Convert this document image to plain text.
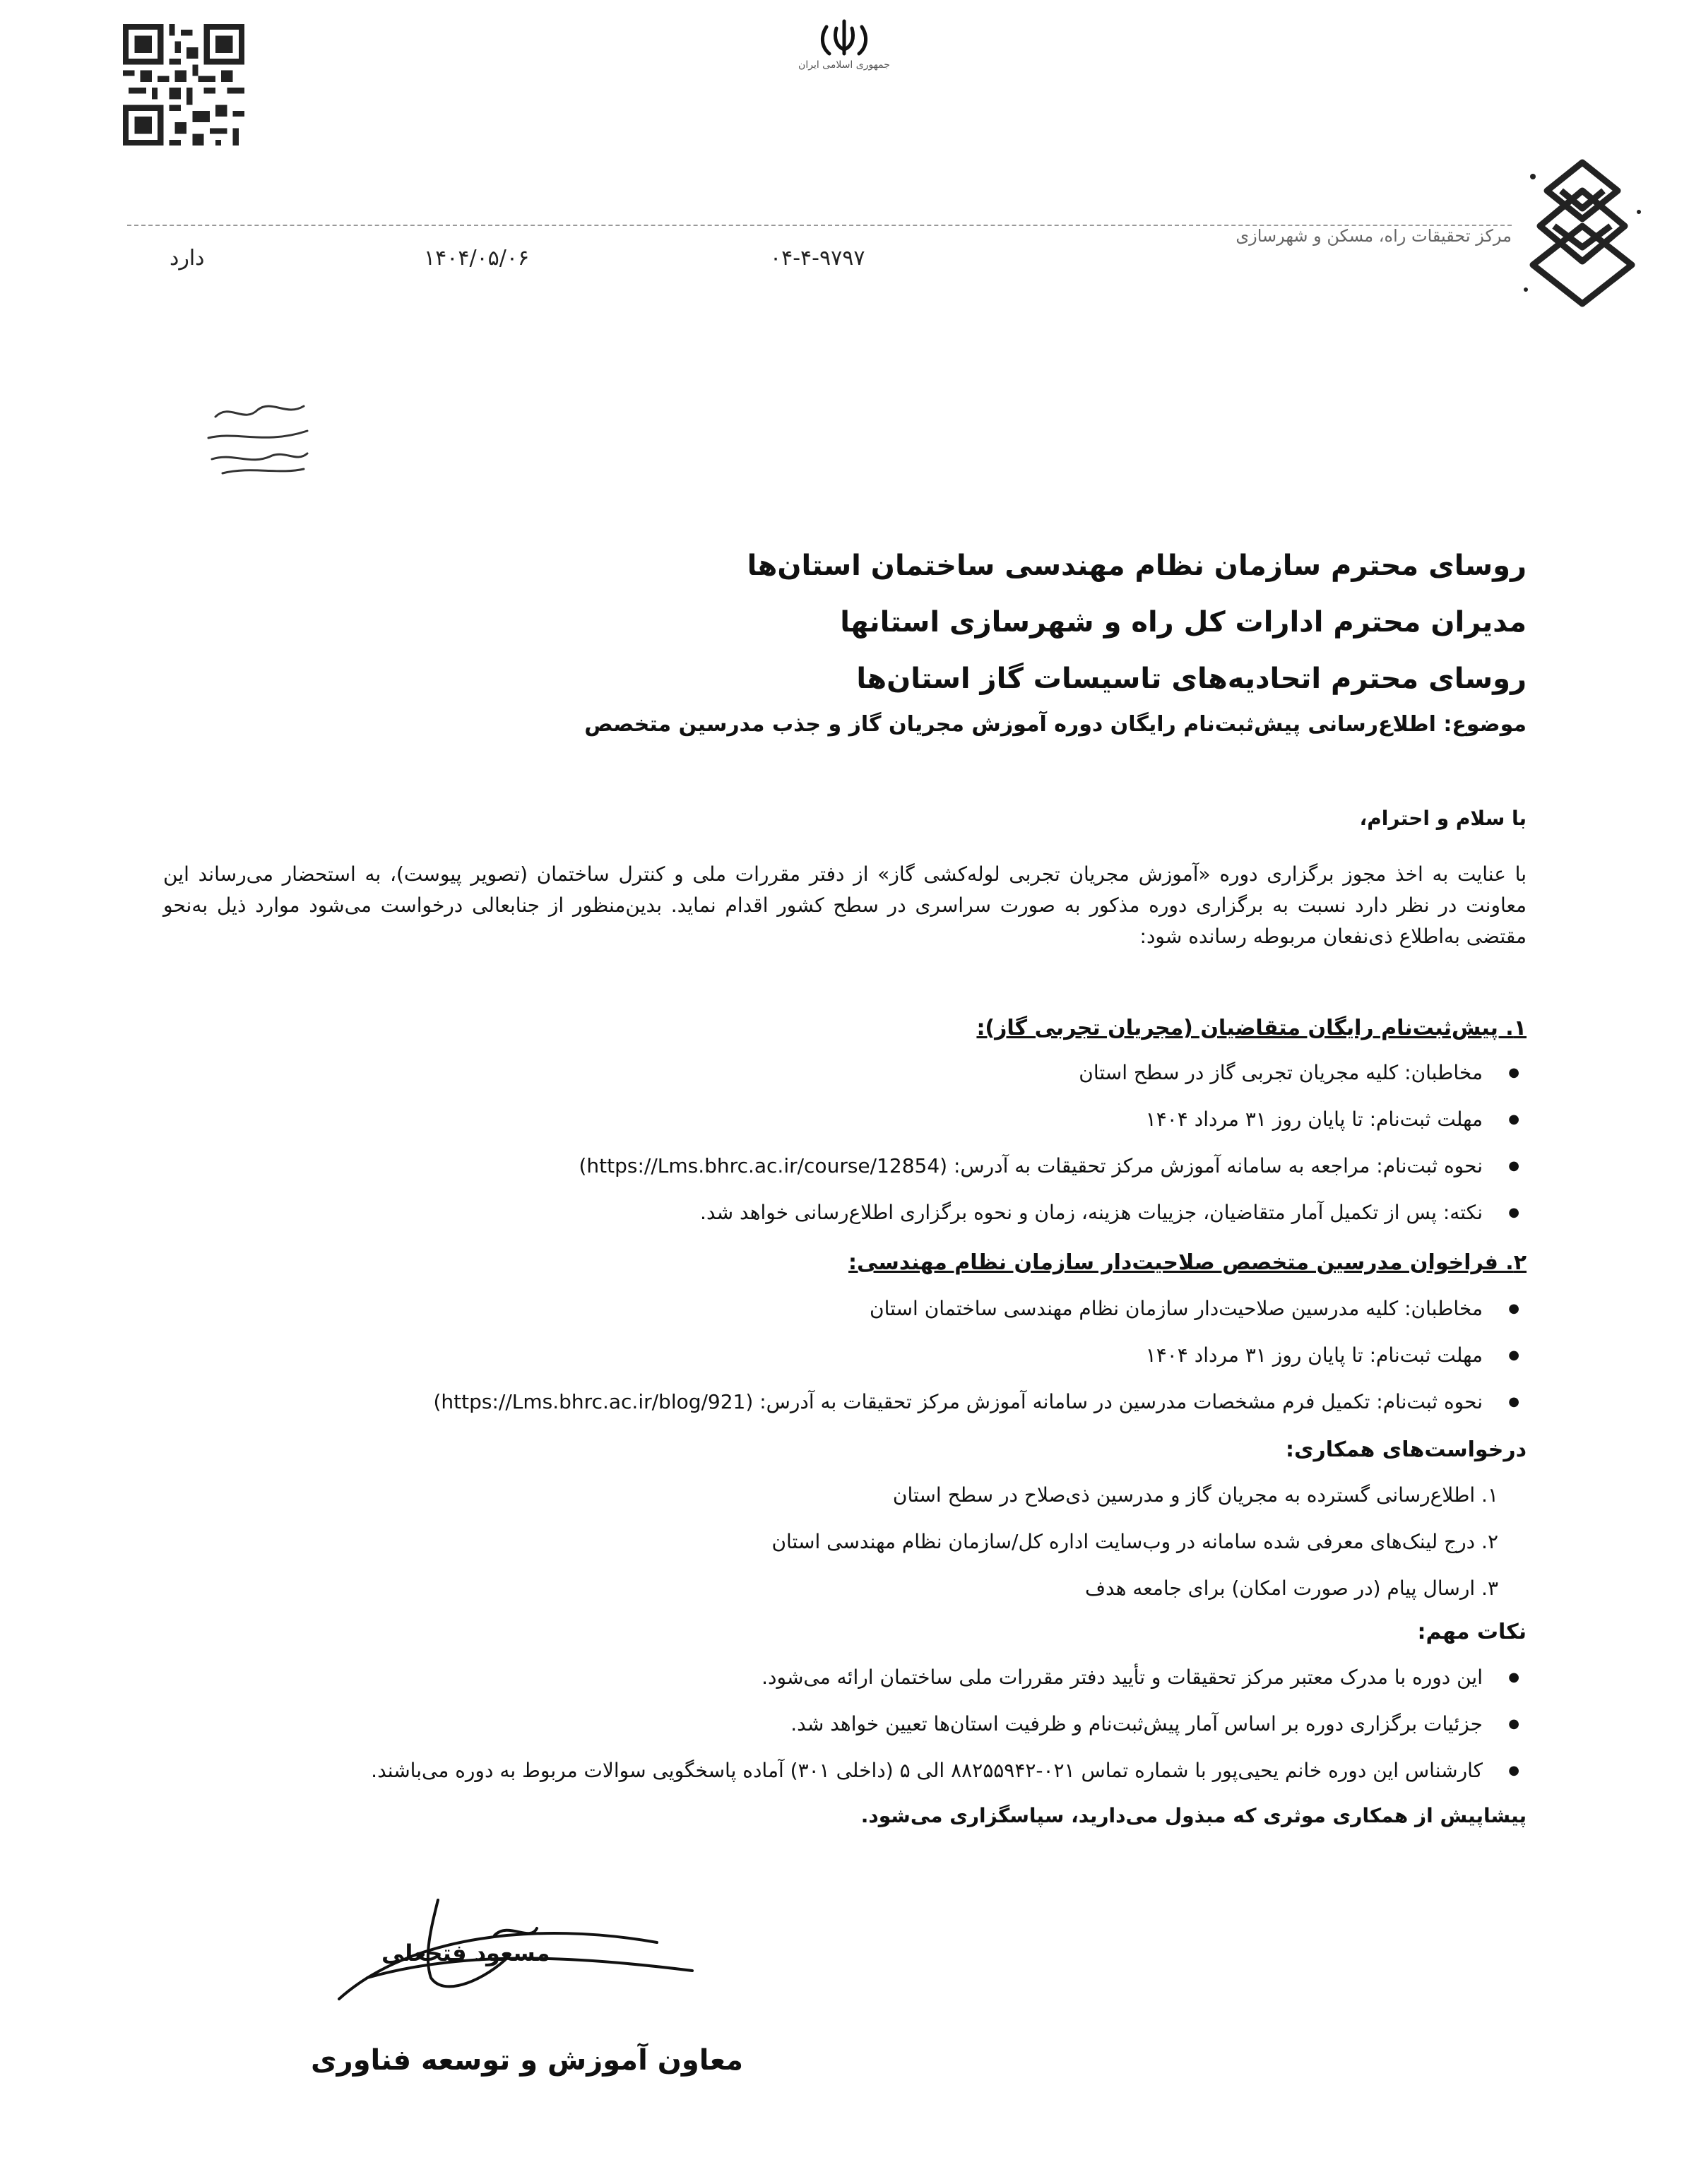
جمهوری اسلامی ایران
مرکز تحقیقات راه، مسکن و شهرسازی
۰۴-۴-۹۷۹۷
۱۴۰۴/۰۵/۰۶
دارد
روسای محترم سازمان نظام مهندسی ساختمان استان‌ها
مدیران محترم ادارات کل راه و شهرسازی استانها
روسای محترم اتحادیه‌های تاسیسات گاز استان‌ها
موضوع: اطلاع‌رسانی پیش‌ثبت‌نام رایگان دوره آموزش مجریان گاز و جذب مدرسین متخصص
با سلام و احترام،
با عنایت به اخذ مجوز برگزاری دوره «آموزش مجریان تجربی لوله‌کشی گاز» از دفتر مقررات ملی و کنترل ساختمان (تصویر پیوست)، به استحضار می‌رساند این معاونت در نظر دارد نسبت به برگزاری دوره مذکور به صورت سراسری در سطح کشور اقدام نماید. بدین‌منظور از جنابعالی درخواست می‌شود موارد ذیل به‌نحو مقتضی به‌اطلاع ذی‌نفعان مربوطه رسانده شود:
۱. پیش‌ثبت‌نام رایگان متقاضیان (مجریان تجربی گاز):
● مخاطبان: کلیه مجریان تجربی گاز در سطح استان
● مهلت ثبت‌نام: تا پایان روز ۳۱ مرداد ۱۴۰۴
● نحوه ثبت‌نام: مراجعه به سامانه آموزش مرکز تحقیقات به آدرس: (https://Lms.bhrc.ac.ir/course/12854)
● نکته: پس از تکمیل آمار متقاضیان، جزییات هزینه، زمان و نحوه برگزاری اطلاع‌رسانی خواهد شد.
۲. فراخوان مدرسین متخصص صلاحیت‌دار سازمان نظام مهندسی:
● مخاطبان: کلیه مدرسین صلاحیت‌دار سازمان نظام مهندسی ساختمان استان
● مهلت ثبت‌نام: تا پایان روز ۳۱ مرداد ۱۴۰۴
● نحوه ثبت‌نام: تکمیل فرم مشخصات مدرسین در سامانه آموزش مرکز تحقیقات به آدرس: (https://Lms.bhrc.ac.ir/blog/921)
درخواست‌های همکاری:
۱. اطلاع‌رسانی گسترده به مجریان گاز و مدرسین ذی‌صلاح در سطح استان
۲. درج لینک‌های معرفی شده سامانه در وب‌سایت اداره کل/سازمان نظام مهندسی استان
۳. ارسال پیام (در صورت امکان) برای جامعه هدف
نکات مهم:
● این دوره با مدرک معتبر مرکز تحقیقات و تأیید دفتر مقررات ملی ساختمان ارائه می‌شود.
● جزئیات برگزاری دوره بر اساس آمار پیش‌ثبت‌نام و ظرفیت استان‌ها تعیین خواهد شد.
● کارشناس این دوره خانم یحیی‌پور با شماره تماس ۰۲۱-۸۸۲۵۵۹۴۲ الی ۵ (داخلی ۳۰۱) آماده پاسخگویی سوالات مربوط به دوره می‌باشند.
پیشاپیش از همکاری موثری که مبذول می‌دارید، سپاسگزاری می‌شود.
مسعود فتحعلی
معاون آموزش و توسعه فناوری
